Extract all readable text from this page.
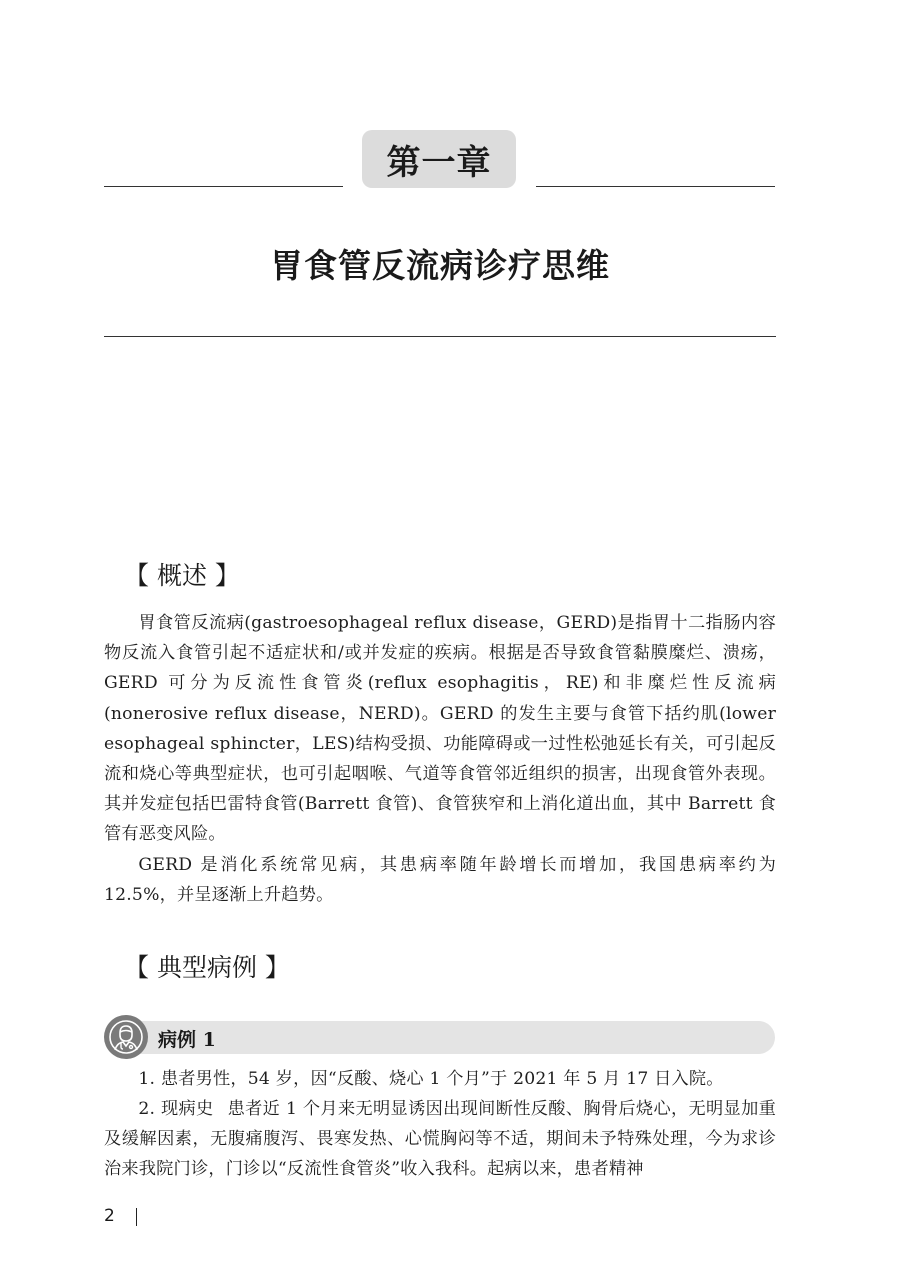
第一章
胃食管反流病诊疗思维
【 概述 】

胃食管反流病(gastroesophageal reflux disease，GERD)是指胃十二指肠内容物反流入食管引起不适症状和/或并发症的疾病。根据是否导致食管黏膜糜烂、溃疡，GERD 可分为反流性食管炎(reflux esophagitis，RE)和非糜烂性反流病(nonerosive reflux disease，NERD)。GERD 的发生主要与食管下括约肌(lower esophageal sphincter，LES)结构受损、功能障碍或一过性松弛延长有关，可引起反流和烧心等典型症状，也可引起咽喉、气道等食管邻近组织的损害，出现食管外表现。其并发症包括巴雷特食管(Barrett 食管)、食管狭窄和上消化道出血，其中 Barrett 食管有恶变风险。

GERD 是消化系统常见病，其患病率随年龄增长而增加，我国患病率约为 12.5%，并呈逐渐上升趋势。

【 典型病例 】
病例 1

1. 患者男性，54 岁，因“反酸、烧心 1 个月”于 2021 年 5 月 17 日入院。

2. 现病史 患者近 1 个月来无明显诱因出现间断性反酸、胸骨后烧心，无明显加重及缓解因素，无腹痛腹泻、畏寒发热、心慌胸闷等不适，期间未予特殊处理，今为求诊治来我院门诊，门诊以“反流性食管炎”收入我科。起病以来，患者精神

2
